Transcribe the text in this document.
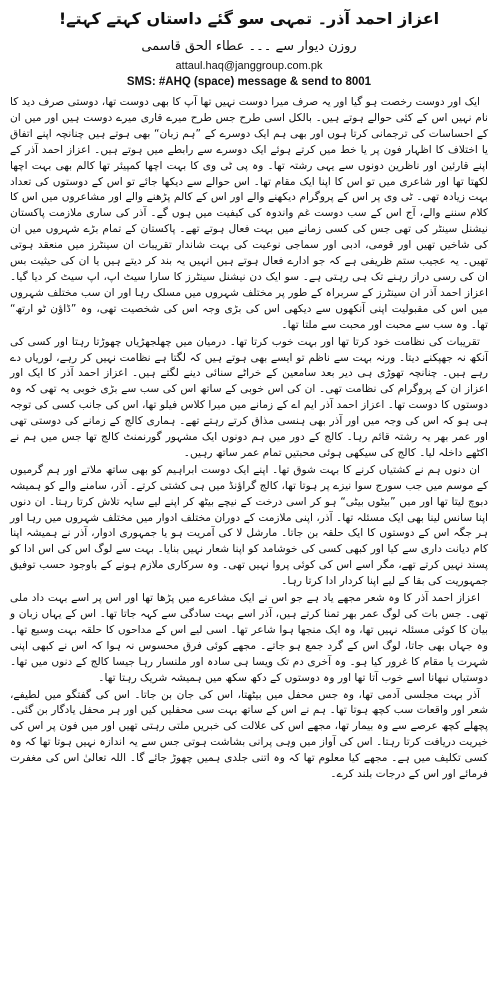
اعزاز احمد آذر۔ تمہی سو گئے داستاں کہتے کہتے!
روزن دیوار سے ۔۔۔ عطاء الحق قاسمی
attaul.haq@janggroup.com.pk
SMS: #AHQ (space) message & send to 8001

ایک اور دوست رخصت ہو گیا اور یہ صرف میرا دوست نہیں تھا آپ کا بھی دوست تھا، دوستی صرف دید کا نام نہیں اس کے کئی حوالے ہوتے ہیں۔ بالکل اسی طرح جس طرح میرے قاری میرے دوست ہیں اور میں ان کے احساسات کی ترجمانی کرتا ہوں اور بھی ہم ایک دوسرے کے ”ہم زبان“ بھی ہوتے ہیں چنانچہ اپنے اتفاق یا اختلاف کا اظہار فون پر یا خط میں کرتے ہوئے ایک دوسرے سے رابطے میں ہوتے ہیں۔ اعزاز احمد آذر کے اپنے قارئین اور ناظرین دونوں سے یہی رشتہ تھا۔ وہ پی ٹی وی کا بہت اچھا کمپیئر تھا کالم بھی بہت اچھا لکھتا تھا اور شاعری میں تو اس کا اپنا ایک مقام تھا۔ اس حوالے سے دیکھا جائے تو اس کے دوستوں کی تعداد بہت زیادہ تھی۔ ٹی وی پر اس کے پروگرام دیکھنے والے اور اس کے کالم پڑھنے والے اور مشاعروں میں اس کا کلام سننے والے، آج اس کے سب دوست غم واندوہ کی کیفیت میں ہوں گے۔ آذر کی ساری ملازمت پاکستان نیشنل سینٹر کی تھی جس کی کسی زمانے میں بہت فعال ہوتے تھے۔ پاکستان کے تمام بڑے شہروں میں ان کی شاخیں تھیں اور قومی، ادبی اور سماجی نوعیت کی بہت شاندار تقریبات ان سینٹرز میں منعقد ہوتی تھیں۔ یہ عجیب ستم ظریفی ہے کہ جو ادارے فعال ہوتے ہیں انہیں یہ بند کر دیتے ہیں یا ان کی حیثیت بس ان کی رسی دراز رہنے تک ہی رہتی ہے۔ سو ایک دن نیشنل سینٹرز کا سارا سیٹ اپ، اپ سیٹ کر دیا گیا۔ اعزاز احمد آذر ان سینٹرز کے سربراہ کے طور پر مختلف شہروں میں مسلک رہا اور ان سب مختلف شہروں میں اس کی مقبولیت اپنی آنکھوں سے دیکھی اس کی بڑی وجہ اس کی شخصیت تھی، وہ ”ڈاؤن ٹو ارتھ“ تھا۔ وہ سب سے محبت اور محبت سے ملتا تھا۔

تقریبات کی نظامت خود کرتا تھا اور بہت خوب کرتا تھا۔ درمیان میں چھلجھڑیاں چھوڑتا رہتا اور کسی کی آنکھ نہ جھپکنے دیتا۔ ورنہ بہت سے ناظم تو ایسے بھی ہوتے ہیں کہ لگتا ہے نظامت نہیں کر رہے، لوریاں دے رہے ہیں۔ چنانچہ تھوڑی ہی دیر بعد سامعین کے خراٹے سنائی دینے لگتے ہیں۔ اعزاز احمد آذر کا ایک اور اعزاز ان کے پروگرام کی نظامت تھی۔ ان کی اس خوبی کے ساتھ اس کی سب سے بڑی خوبی یہ تھی کہ وہ دوستوں کا دوست تھا۔ اعزاز احمد آذر ایم اے کے زمانے میں میرا کلاس فیلو تھا، اس کی جانب کسی کی توجہ ہی ہو کہ اس کی وجہ میں اور آذر بھی ہنسی مذاق کرتے رہتے تھے۔ ہماری کالج کے زمانے کی دوستی تھی اور عمر بھر یہ رشتہ قائم رہا۔ کالج کے دور میں ہم دونوں ایک مشہور گورنمنٹ کالج تھا جس میں ہم نے اکٹھے داخلہ لیا۔ کالج کی سیکھی ہوئی محبتیں تمام عمر ساتھ رہیں۔

ان دنوں ہم نے کشتیاں کرنے کا بہت شوق تھا۔ اپنے ایک دوست ابراہیم کو بھی ساتھ ملاتے اور ہم گرمیوں کے موسم میں جب سورج سوا نیزے پر ہوتا تھا، کالج گراؤنڈ میں ہی کشتی کرتے۔ آذر، سامنے والے کو ہمیشہ دبوچ لیتا تھا اور میں ”بیٹوں بیٹی“ ہو کر اسی درخت کے نیچے بیٹھ کر اپنے لیے سایہ تلاش کرتا رہتا۔ ان دنوں اپنا سانس لینا بھی ایک مسئلہ تھا۔ آذر، اپنی ملازمت کے دوران مختلف ادوار میں مختلف شہروں میں رہا اور ہر جگہ اس کے دوستوں کا ایک حلقہ بن جاتا۔ مارشل لا کی آمریت ہو یا جمہوری ادوار، آذر نے ہمیشہ اپنا کام دیانت داری سے کیا اور کبھی کسی کی خوشامد کو اپنا شعار نہیں بنایا۔ بہت سے لوگ اس کی اس ادا کو پسند نہیں کرتے تھے، مگر اسے اس کی کوئی پروا نہیں تھی۔ وہ سرکاری ملازم ہونے کے باوجود حسب توفیق جمہوریت کی بقا کے لیے اپنا کردار ادا کرتا رہا۔

اعزاز احمد آذر کا وہ شعر مجھے یاد ہے جو اس نے ایک مشاعرے میں پڑھا تھا اور اس پر اسے بہت داد ملی تھی۔ جس بات کی لوگ عمر بھر تمنا کرتے ہیں، آذر اسے بہت سادگی سے کہہ جاتا تھا۔ اس کے یہاں زبان و بیان کا کوئی مسئلہ نہیں تھا، وہ ایک منجھا ہوا شاعر تھا۔ اسی لیے اس کے مداحوں کا حلقہ بہت وسیع تھا۔ وہ جہاں بھی جاتا، لوگ اس کے گرد جمع ہو جاتے۔ مجھے کوئی فرق محسوس نہ ہوا کہ اس نے کبھی اپنی شہرت یا مقام کا غرور کیا ہو۔ وہ آخری دم تک ویسا ہی سادہ اور ملنسار رہا جیسا کالج کے دنوں میں تھا۔ دوستیاں نبھانا اسے خوب آتا تھا اور وہ دوستوں کے دکھ سکھ میں ہمیشہ شریک رہتا تھا۔

آذر بہت مجلسی آدمی تھا، وہ جس محفل میں بیٹھتا، اس کی جان بن جاتا۔ اس کی گفتگو میں لطیفے، شعر اور واقعات سب کچھ ہوتا تھا۔ ہم نے اس کے ساتھ بہت سی محفلیں کیں اور ہر محفل یادگار بن گئی۔ پچھلے کچھ عرصے سے وہ بیمار تھا، مجھے اس کی علالت کی خبریں ملتی رہتی تھیں اور میں فون پر اس کی خیریت دریافت کرتا رہتا۔ اس کی آواز میں وہی پرانی بشاشت ہوتی جس سے یہ اندازہ نہیں ہوتا تھا کہ وہ کسی تکلیف میں ہے۔ مجھے کیا معلوم تھا کہ وہ اتنی جلدی ہمیں چھوڑ جائے گا۔ اللہ تعالیٰ اس کی مغفرت فرمائے اور اس کے درجات بلند کرے۔
